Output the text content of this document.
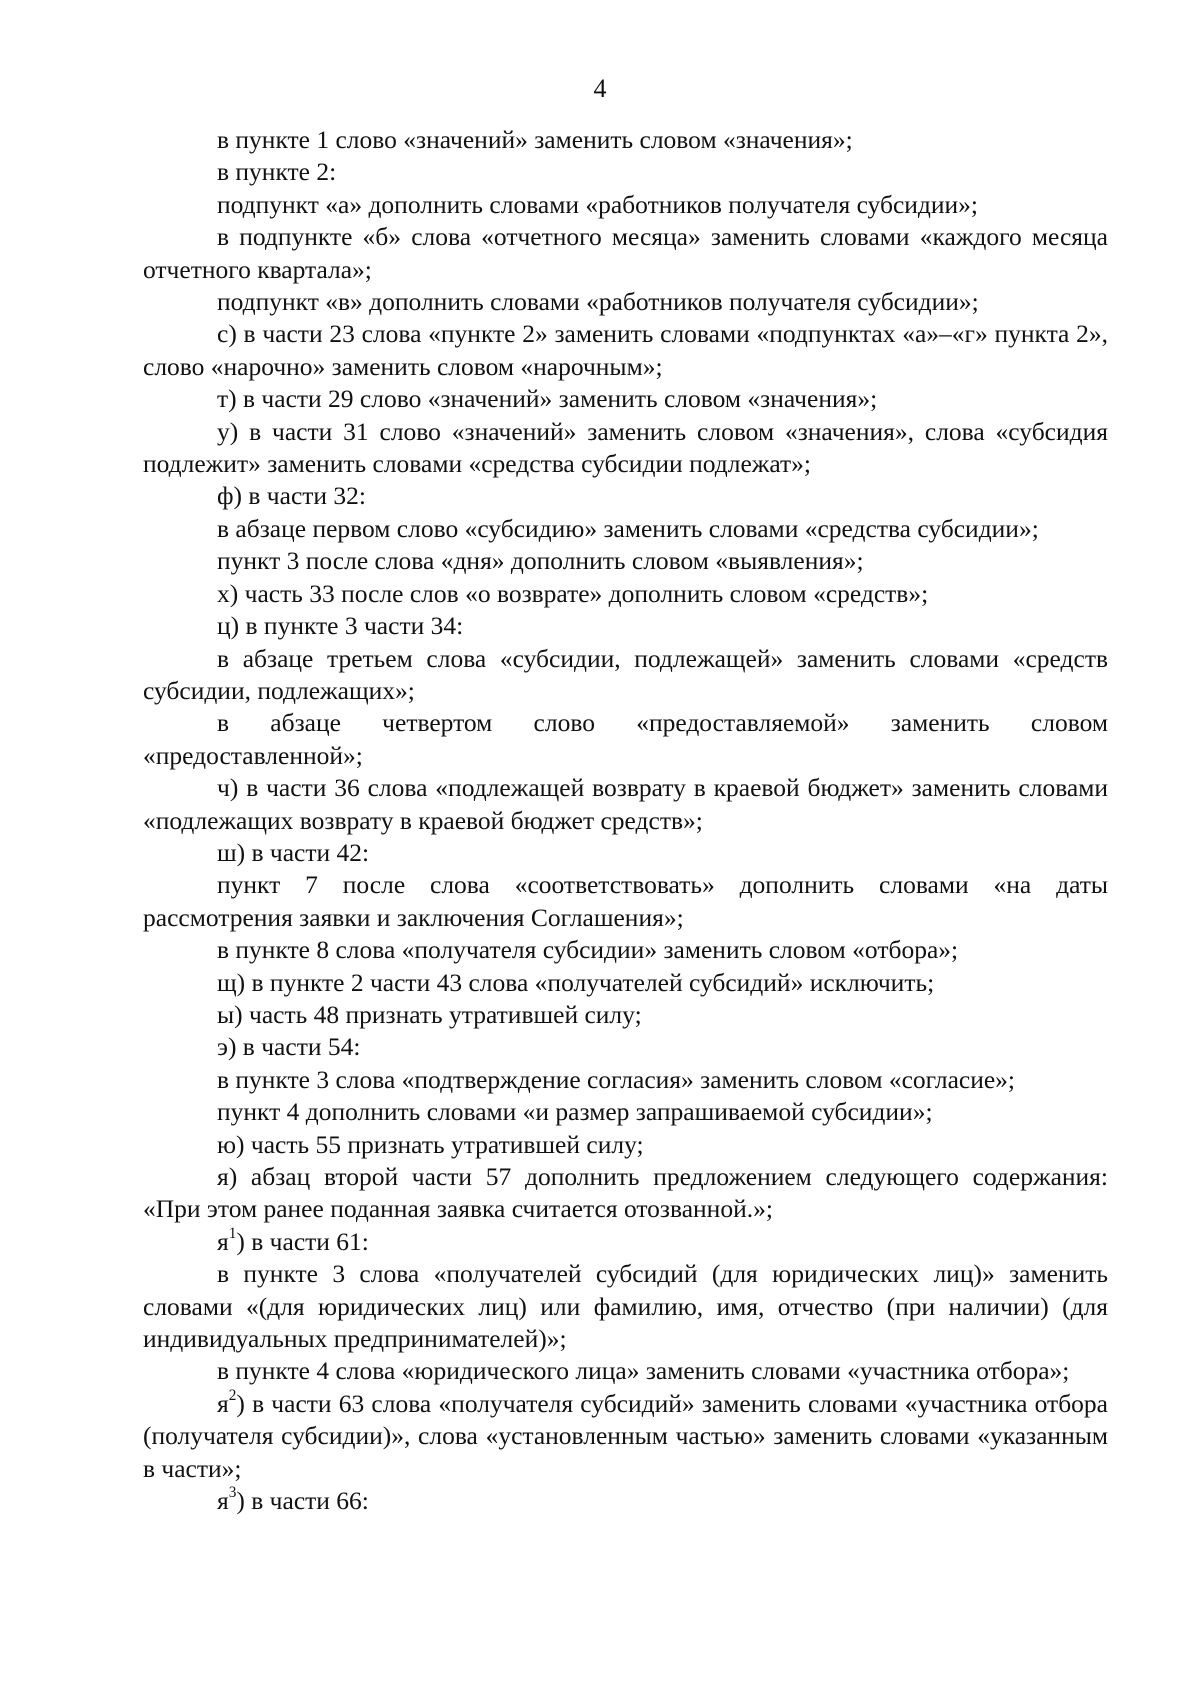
4

в пункте 1 слово «значений» заменить словом «значения»;

в пункте 2:

подпункт «а» дополнить словами «работников получателя субсидии»;

в подпункте «б» слова «отчетного месяца» заменить словами «каждого месяца отчетного квартала»;

подпункт «в» дополнить словами «работников получателя субсидии»;

с) в части 23 слова «пункте 2» заменить словами «подпунктах «а»–«г» пункта 2», слово «нарочно» заменить словом «нарочным»;

т) в части 29 слово «значений» заменить словом «значения»;

у) в части 31 слово «значений» заменить словом «значения», слова «субсидия подлежит» заменить словами «средства субсидии подлежат»;

ф) в части 32:

в абзаце первом слово «субсидию» заменить словами «средства субсидии»;

пункт 3 после слова «дня» дополнить словом «выявления»;

х) часть 33 после слов «о возврате» дополнить словом «средств»;

ц) в пункте 3 части 34:

в абзаце третьем слова «субсидии, подлежащей» заменить словами «средств субсидии, подлежащих»;

в абзаце четвертом слово «предоставляемой» заменить словом «предоставленной»;

ч) в части 36 слова «подлежащей возврату в краевой бюджет» заменить словами «подлежащих возврату в краевой бюджет средств»;

ш) в части 42:

пункт 7 после слова «соответствовать» дополнить словами «на даты рассмотрения заявки и заключения Соглашения»;

в пункте 8 слова «получателя субсидии» заменить словом «отбора»;

щ) в пункте 2 части 43 слова «получателей субсидий» исключить;

ы) часть 48 признать утратившей силу;

э) в части 54:

в пункте 3 слова «подтверждение согласия» заменить словом «согласие»;

пункт 4 дополнить словами «и размер запрашиваемой субсидии»;

ю) часть 55 признать утратившей силу;

я) абзац второй части 57 дополнить предложением следующего содержания: «При этом ранее поданная заявка считается отозванной.»;

$я^1$) в части 61:

в пункте 3 слова «получателей субсидий (для юридических лиц)» заменить словами «(для юридических лиц) или фамилию, имя, отчество (при наличии) (для индивидуальных предпринимателей)»;

в пункте 4 слова «юридического лица» заменить словами «участника отбора»;

$я^2$) в части 63 слова «получателя субсидий» заменить словами «участника отбора (получателя субсидии)», слова «установленным частью» заменить словами «указанным в части»;

$я^3$) в части 66:
